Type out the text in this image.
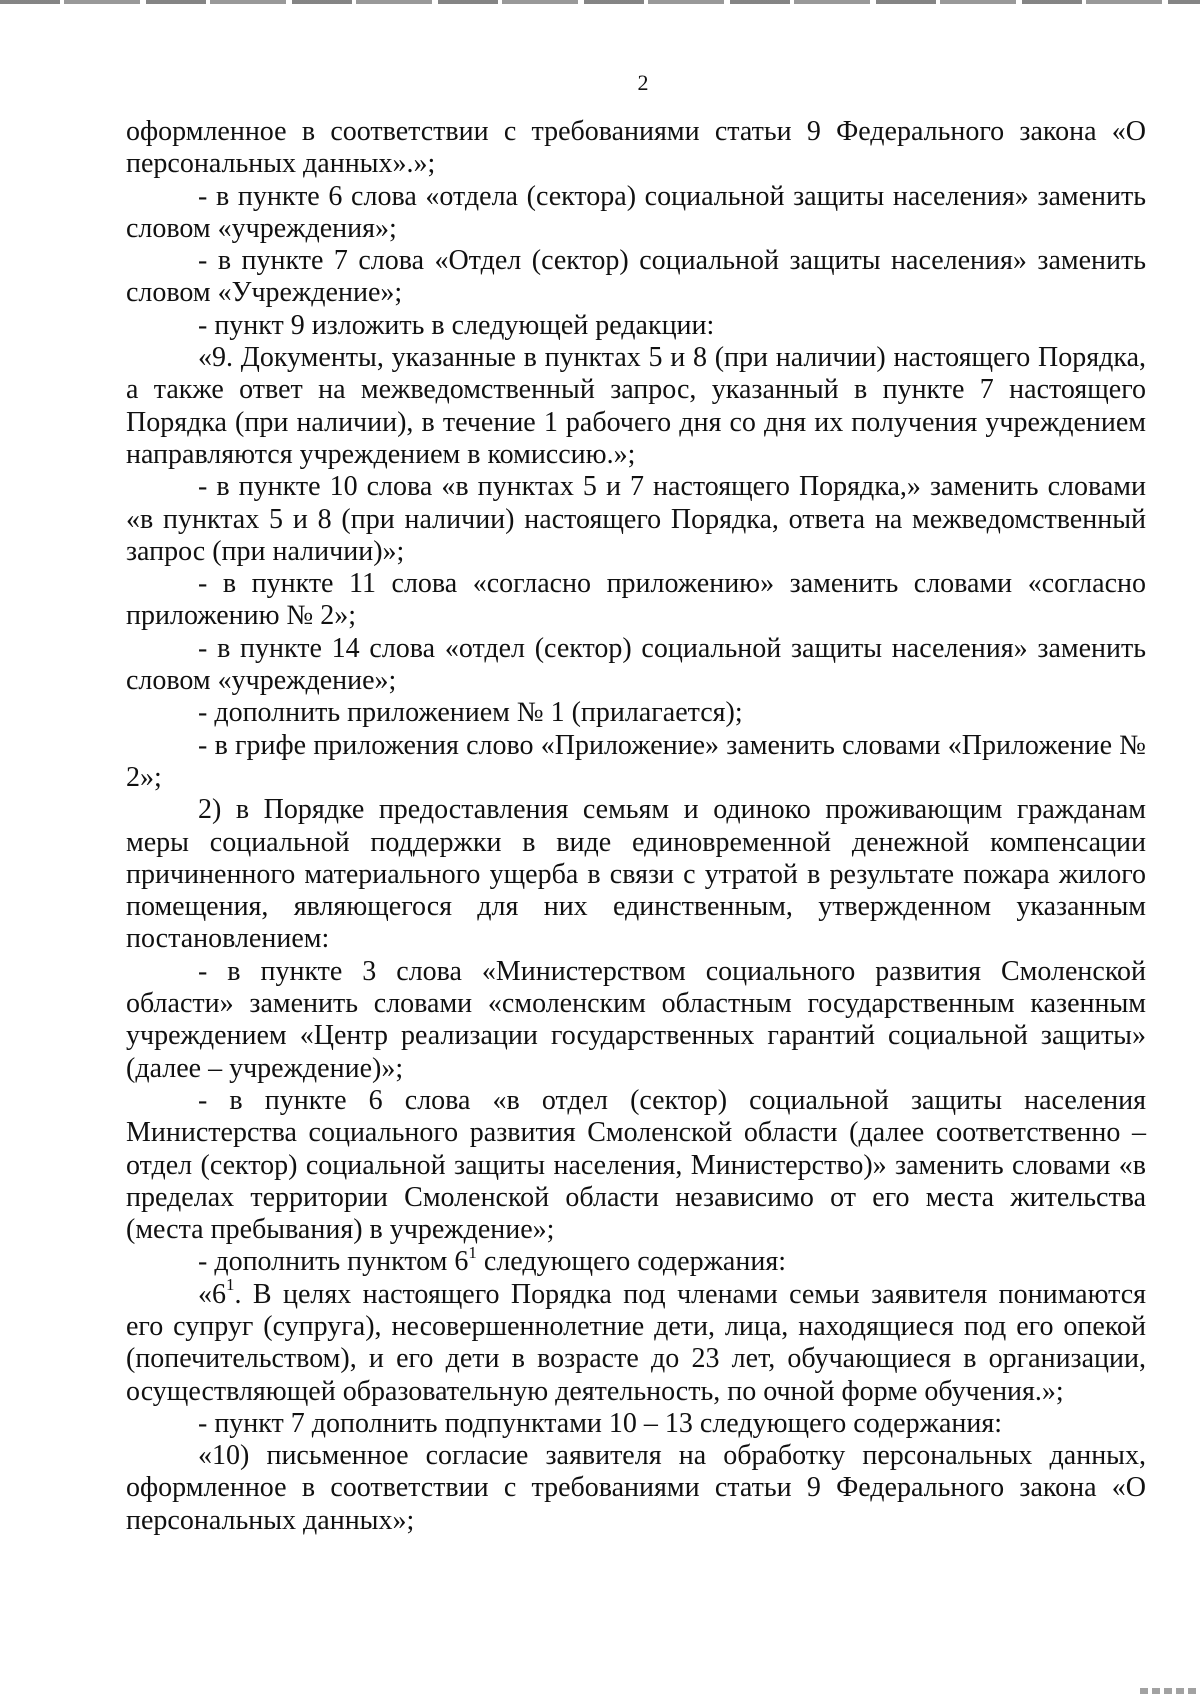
2

оформленное в соответствии с требованиями статьи 9 Федерального закона «О персональных данных».»;

- в пункте 6 слова «отдела (сектора) социальной защиты населения» заменить словом «учреждения»;

- в пункте 7 слова «Отдел (сектор) социальной защиты населения» заменить словом «Учреждение»;

- пункт 9 изложить в следующей редакции:

«9. Документы, указанные в пунктах 5 и 8 (при наличии) настоящего Порядка, а также ответ на межведомственный запрос, указанный в пункте 7 настоящего Порядка (при наличии), в течение 1 рабочего дня со дня их получения учреждением направляются учреждением в комиссию.»;

- в пункте 10 слова «в пунктах 5 и 7 настоящего Порядка,» заменить словами «в пунктах 5 и 8 (при наличии) настоящего Порядка, ответа на межведомственный запрос (при наличии)»;

- в пункте 11 слова «согласно приложению» заменить словами «согласно приложению № 2»;

- в пункте 14 слова «отдел (сектор) социальной защиты населения» заменить словом «учреждение»;

- дополнить приложением № 1 (прилагается);

- в грифе приложения слово «Приложение» заменить словами «Приложение № 2»;

2) в Порядке предоставления семьям и одиноко проживающим гражданам меры социальной поддержки в виде единовременной денежной компенсации причиненного материального ущерба в связи с утратой в результате пожара жилого помещения, являющегося для них единственным, утвержденном указанным постановлением:

- в пункте 3 слова «Министерством социального развития Смоленской области» заменить словами «смоленским областным государственным казенным учреждением «Центр реализации государственных гарантий социальной защиты» (далее – учреждение)»;

- в пункте 6 слова «в отдел (сектор) социальной защиты населения Министерства социального развития Смоленской области (далее соответственно – отдел (сектор) социальной защиты населения, Министерство)» заменить словами «в пределах территории Смоленской области независимо от его места жительства (места пребывания) в учреждение»;

- дополнить пунктом $6^1$ следующего содержания:

«$6^1$. В целях настоящего Порядка под членами семьи заявителя понимаются его супруг (супруга), несовершеннолетние дети, лица, находящиеся под его опекой (попечительством), и его дети в возрасте до 23 лет, обучающиеся в организации, осуществляющей образовательную деятельность, по очной форме обучения.»;

- пункт 7 дополнить подпунктами 10 – 13 следующего содержания:

«10) письменное согласие заявителя на обработку персональных данных, оформленное в соответствии с требованиями статьи 9 Федерального закона «О персональных данных»;
